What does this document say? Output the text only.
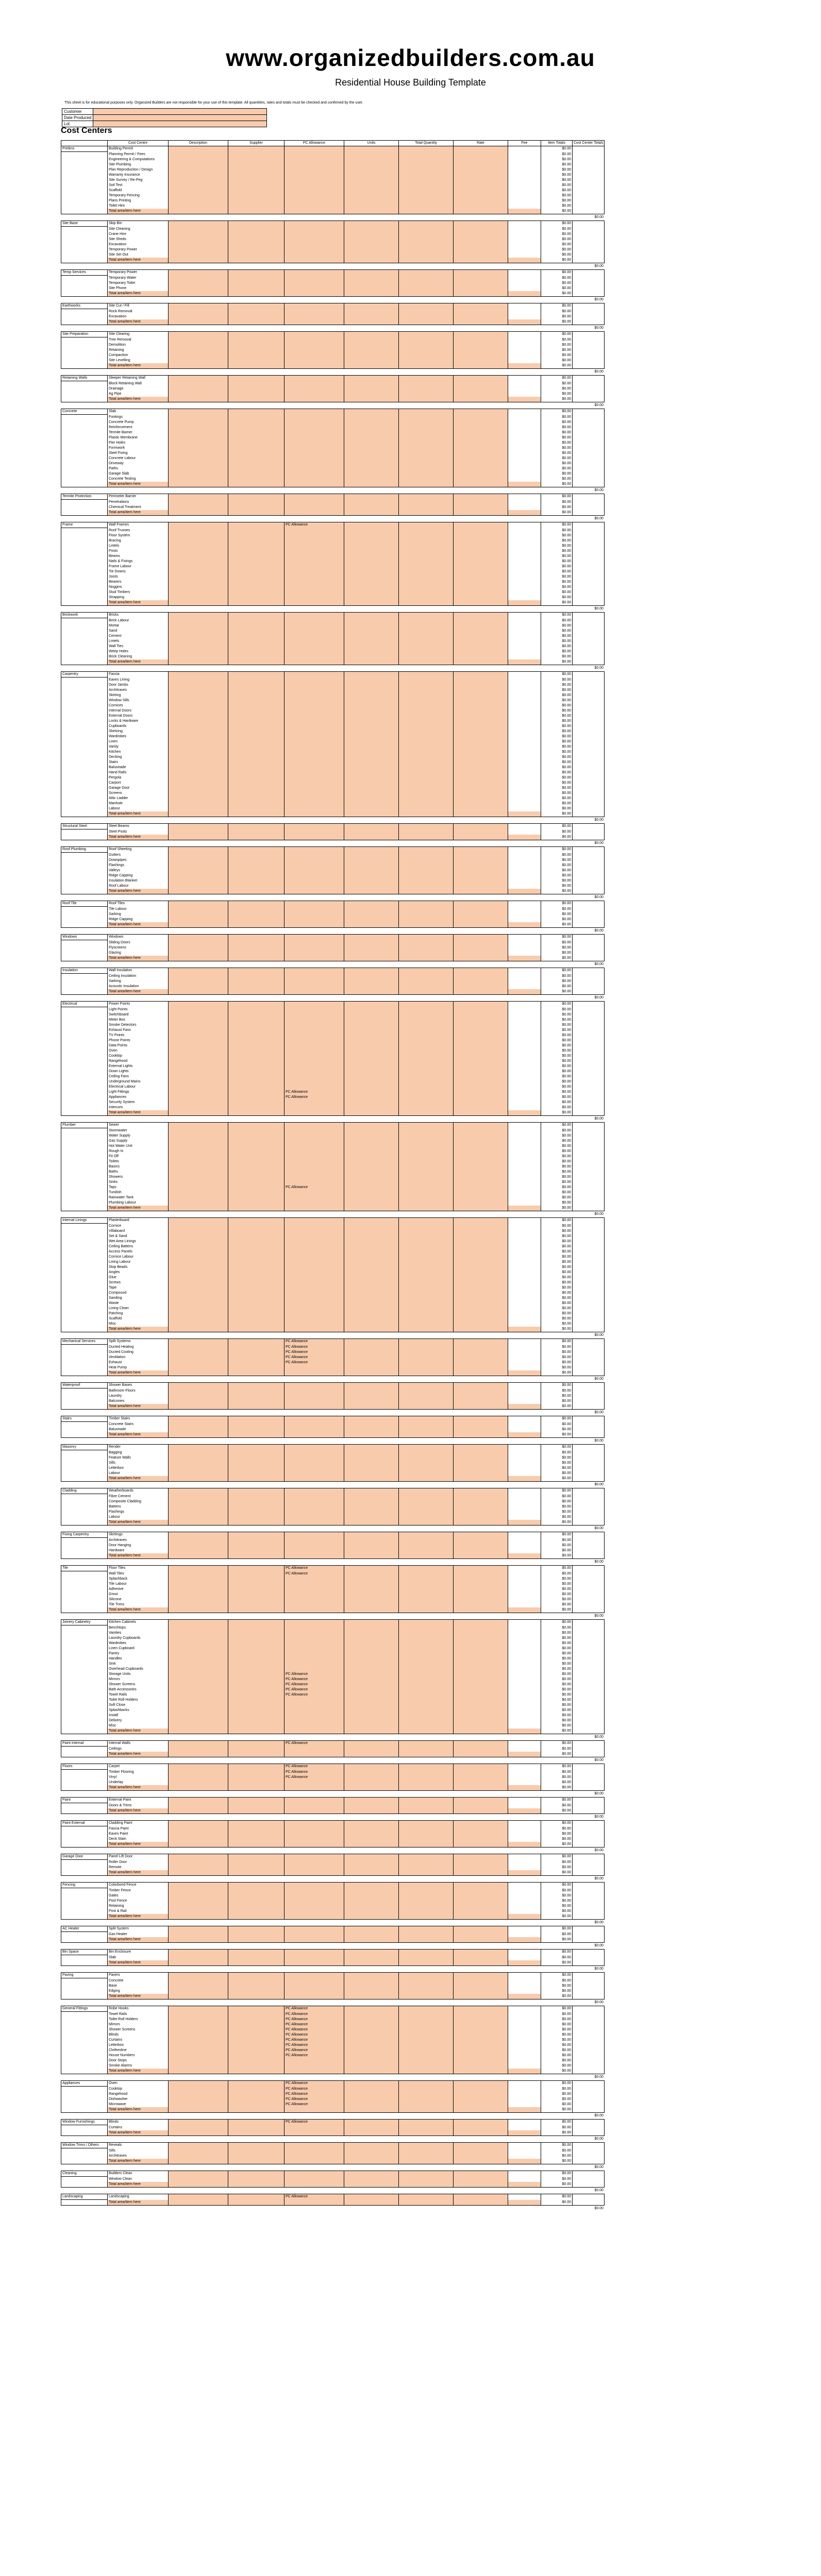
www.organizedbuilders.com.au
Residential House Building Template
This sheet is for educational purposes only. Organized Builders are not responsible for your use of this template. All quantities, rates and totals must be checked and confirmed by the user.
Customer	
Date Produced	
Lot	
Cost Centers
	Cost Centre	Description	Supplier	PC Allowance	Units	Total Quantity	Rate	Fee	Item Totals	Cost Center Totals
Prelims	Building Permit								$0.00	
	Planning Permit / Fees								$0.00	
	Engineering & Computations								$0.00	
	Site Plumbing								$0.00	
	Plan Reproduction / Design								$0.00	
	Warranty Insurance								$0.00	
	Site Survey / Re-Peg								$0.00	
	Soil Test								$0.00	
	Scaffold								$0.00	
	Temporary Fencing								$0.00	
	Plans Printing								$0.00	
	Toilet Hire								$0.00	
	Total area/item here								$0.00	
										$0.00
Site Base	Skip Bin								$0.00	
	Site Cleaning								$0.00	
	Crane Hire								$0.00	
	Site Sheds								$0.00	
	Excavation								$0.00	
	Temporary Power								$0.00	
	Site Set Out								$0.00	
	Total area/item here								$0.00	
										$0.00
Temp Services	Temporary Power								$0.00	
	Temporary Water								$0.00	
	Temporary Toilet								$0.00	
	Site Phone								$0.00	
	Total area/item here								$0.00	
										$0.00
Earthworks	Site Cut / Fill								$0.00	
	Rock Removal								$0.00	
	Excavation								$0.00	
	Total area/item here								$0.00	
										$0.00
Site Preparation	Site Clearing								$0.00	
	Tree Removal								$0.00	
	Demolition								$0.00	
	Retaining								$0.00	
	Compaction								$0.00	
	Site Levelling								$0.00	
	Total area/item here								$0.00	
										$0.00
Retaining Walls	Sleeper Retaining Wall								$0.00	
	Block Retaining Wall								$0.00	
	Drainage								$0.00	
	Ag Pipe								$0.00	
	Total area/item here								$0.00	
										$0.00
Concrete	Slab								$0.00	
	Footings								$0.00	
	Concrete Pump								$0.00	
	Reinforcement								$0.00	
	Termite Barrier								$0.00	
	Plastic Membrane								$0.00	
	Pier Holes								$0.00	
	Formwork								$0.00	
	Steel Fixing								$0.00	
	Concrete Labour								$0.00	
	Driveway								$0.00	
	Paths								$0.00	
	Garage Slab								$0.00	
	Concrete Testing								$0.00	
	Total area/item here								$0.00	
										$0.00
Termite Protection	Perimeter Barrier								$0.00	
	Penetrations								$0.00	
	Chemical Treatment								$0.00	
	Total area/item here								$0.00	
										$0.00
Frame	Wall Frames			PC Allowance					$0.00	
	Roof Trusses								$0.00	
	Floor System								$0.00	
	Bracing								$0.00	
	Lintels								$0.00	
	Posts								$0.00	
	Beams								$0.00	
	Nails & Fixings								$0.00	
	Frame Labour								$0.00	
	Tie Downs								$0.00	
	Joists								$0.00	
	Bearers								$0.00	
	Noggins								$0.00	
	Stud Timbers								$0.00	
	Strapping								$0.00	
	Total area/item here								$0.00	
										$0.00
Brickwork	Bricks								$0.00	
	Brick Labour								$0.00	
	Mortar								$0.00	
	Sand								$0.00	
	Cement								$0.00	
	Lintels								$0.00	
	Wall Ties								$0.00	
	Weep Holes								$0.00	
	Brick Cleaning								$0.00	
	Total area/item here								$0.00	
										$0.00
Carpentry	Fascia								$0.00	
	Eaves Lining								$0.00	
	Door Jambs								$0.00	
	Architraves								$0.00	
	Skirting								$0.00	
	Window Sills								$0.00	
	Cornices								$0.00	
	Internal Doors								$0.00	
	External Doors								$0.00	
	Locks & Hardware								$0.00	
	Cupboards								$0.00	
	Shelving								$0.00	
	Wardrobes								$0.00	
	Linen								$0.00	
	Vanity								$0.00	
	Kitchen								$0.00	
	Decking								$0.00	
	Stairs								$0.00	
	Balustrade								$0.00	
	Hand Rails								$0.00	
	Pergola								$0.00	
	Carport								$0.00	
	Garage Door								$0.00	
	Screens								$0.00	
	Attic Ladder								$0.00	
	Manhole								$0.00	
	Labour								$0.00	
	Total area/item here								$0.00	
										$0.00
Structural Steel	Steel Beams								$0.00	
	Steel Posts								$0.00	
	Total area/item here								$0.00	
										$0.00
Roof Plumbing	Roof Sheeting								$0.00	
	Gutters								$0.00	
	Downpipes								$0.00	
	Flashings								$0.00	
	Valleys								$0.00	
	Ridge Capping								$0.00	
	Insulation Blanket								$0.00	
	Roof Labour								$0.00	
	Total area/item here								$0.00	
										$0.00
Roof Tile	Roof Tiles								$0.00	
	Tile Labour								$0.00	
	Sarking								$0.00	
	Ridge Capping								$0.00	
	Total area/item here								$0.00	
										$0.00
Windows	Windows								$0.00	
	Sliding Doors								$0.00	
	Flyscreens								$0.00	
	Glazing								$0.00	
	Total area/item here								$0.00	
										$0.00
Insulation	Wall Insulation								$0.00	
	Ceiling Insulation								$0.00	
	Sarking								$0.00	
	Acoustic Insulation								$0.00	
	Total area/item here								$0.00	
										$0.00
Electrical	Power Points								$0.00	
	Light Points								$0.00	
	Switchboard								$0.00	
	Meter Box								$0.00	
	Smoke Detectors								$0.00	
	Exhaust Fans								$0.00	
	TV Points								$0.00	
	Phone Points								$0.00	
	Data Points								$0.00	
	Oven								$0.00	
	Cooktop								$0.00	
	Rangehood								$0.00	
	External Lights								$0.00	
	Down Lights								$0.00	
	Ceiling Fans								$0.00	
	Underground Mains								$0.00	
	Electrical Labour								$0.00	
	Light Fittings			PC Allowance					$0.00	
	Appliances			PC Allowance					$0.00	
	Security System								$0.00	
	Intercom								$0.00	
	Total area/item here								$0.00	
										$0.00
Plumber	Sewer								$0.00	
	Stormwater								$0.00	
	Water Supply								$0.00	
	Gas Supply								$0.00	
	Hot Water Unit								$0.00	
	Rough In								$0.00	
	Fit Off								$0.00	
	Toilets								$0.00	
	Basins								$0.00	
	Baths								$0.00	
	Showers								$0.00	
	Sinks								$0.00	
	Taps			PC Allowance					$0.00	
	Tundish								$0.00	
	Rainwater Tank								$0.00	
	Plumbing Labour								$0.00	
	Total area/item here								$0.00	
										$0.00
Internal Linings	Plasterboard								$0.00	
	Cornice								$0.00	
	Villaboard								$0.00	
	Set & Sand								$0.00	
	Wet Area Linings								$0.00	
	Ceiling Battens								$0.00	
	Access Panels								$0.00	
	Cornice Labour								$0.00	
	Lining Labour								$0.00	
	Stop Beads								$0.00	
	Angles								$0.00	
	Glue								$0.00	
	Screws								$0.00	
	Tape								$0.00	
	Compound								$0.00	
	Sanding								$0.00	
	Waste								$0.00	
	Lining Clean								$0.00	
	Patching								$0.00	
	Scaffold								$0.00	
	Misc								$0.00	
	Total area/item here								$0.00	
										$0.00
Mechanical Services	Split Systems			PC Allowance					$0.00	
	Ducted Heating			PC Allowance					$0.00	
	Ducted Cooling			PC Allowance					$0.00	
	Ventilation			PC Allowance					$0.00	
	Exhaust			PC Allowance					$0.00	
	Heat Pump								$0.00	
	Total area/item here								$0.00	
										$0.00
Waterproof	Shower Bases								$0.00	
	Bathroom Floors								$0.00	
	Laundry								$0.00	
	Balconies								$0.00	
	Total area/item here								$0.00	
										$0.00
Stairs	Timber Stairs								$0.00	
	Concrete Stairs								$0.00	
	Balustrade								$0.00	
	Total area/item here								$0.00	
										$0.00
Masonry	Render								$0.00	
	Bagging								$0.00	
	Feature Walls								$0.00	
	Sills								$0.00	
	Letterbox								$0.00	
	Labour								$0.00	
	Total area/item here								$0.00	
										$0.00
Cladding	Weatherboards								$0.00	
	Fibre Cement								$0.00	
	Composite Cladding								$0.00	
	Battens								$0.00	
	Flashings								$0.00	
	Labour								$0.00	
	Total area/item here								$0.00	
										$0.00
Fixing Carpentry	Skirtings								$0.00	
	Architraves								$0.00	
	Door Hanging								$0.00	
	Hardware								$0.00	
	Total area/item here								$0.00	
										$0.00
Tile	Floor Tiles			PC Allowance					$0.00	
	Wall Tiles			PC Allowance					$0.00	
	Splashback								$0.00	
	Tile Labour								$0.00	
	Adhesive								$0.00	
	Grout								$0.00	
	Silicone								$0.00	
	Tile Trims								$0.00	
	Total area/item here								$0.00	
										$0.00
Joinery Cabinetry	Kitchen Cabinets								$0.00	
	Benchtops								$0.00	
	Vanities								$0.00	
	Laundry Cupboards								$0.00	
	Wardrobes								$0.00	
	Linen Cupboard								$0.00	
	Pantry								$0.00	
	Handles								$0.00	
	Sink								$0.00	
	Overhead Cupboards								$0.00	
	Storage Units			PC Allowance					$0.00	
	Mirrors			PC Allowance					$0.00	
	Shower Screens			PC Allowance					$0.00	
	Bath Accessories			PC Allowance					$0.00	
	Towel Rails			PC Allowance					$0.00	
	Toilet Roll Holders								$0.00	
	Soft Close								$0.00	
	Splashbacks								$0.00	
	Install								$0.00	
	Delivery								$0.00	
	Misc								$0.00	
	Total area/item here								$0.00	
										$0.00
Paint Internal	Internal Walls			PC Allowance					$0.00	
	Ceilings								$0.00	
	Total area/item here								$0.00	
										$0.00
Floors	Carpet			PC Allowance					$0.00	
	Timber Flooring			PC Allowance					$0.00	
	Vinyl			PC Allowance					$0.00	
	Underlay								$0.00	
	Total area/item here								$0.00	
										$0.00
Paint	External Paint								$0.00	
	Doors & Trims								$0.00	
	Total area/item here								$0.00	
										$0.00
Paint External	Cladding Paint								$0.00	
	Fascia Paint								$0.00	
	Eaves Paint								$0.00	
	Deck Stain								$0.00	
	Total area/item here								$0.00	
										$0.00
Garage Door	Panel Lift Door								$0.00	
	Roller Door								$0.00	
	Remote								$0.00	
	Total area/item here								$0.00	
										$0.00
Fencing	Colorbond Fence								$0.00	
	Timber Fence								$0.00	
	Gates								$0.00	
	Pool Fence								$0.00	
	Retaining								$0.00	
	Post & Rail								$0.00	
	Total area/item here								$0.00	
										$0.00
AC Heater	Split System								$0.00	
	Gas Heater								$0.00	
	Total area/item here								$0.00	
										$0.00
Bin Space	Bin Enclosure								$0.00	
	Slab								$0.00	
	Total area/item here								$0.00	
										$0.00
Paving	Pavers								$0.00	
	Concrete								$0.00	
	Base								$0.00	
	Edging								$0.00	
	Total area/item here								$0.00	
										$0.00
General Fittings	Robe Hooks			PC Allowance					$0.00	
	Towel Rails			PC Allowance					$0.00	
	Toilet Roll Holders			PC Allowance					$0.00	
	Mirrors			PC Allowance					$0.00	
	Shower Screens			PC Allowance					$0.00	
	Blinds			PC Allowance					$0.00	
	Curtains			PC Allowance					$0.00	
	Letterbox			PC Allowance					$0.00	
	Clothesline			PC Allowance					$0.00	
	House Numbers			PC Allowance					$0.00	
	Door Stops								$0.00	
	Smoke Alarms								$0.00	
	Total area/item here								$0.00	
										$0.00
Appliances	Oven			PC Allowance					$0.00	
	Cooktop			PC Allowance					$0.00	
	Rangehood			PC Allowance					$0.00	
	Dishwasher			PC Allowance					$0.00	
	Microwave			PC Allowance					$0.00	
	Total area/item here								$0.00	
										$0.00
Window Furnishings	Blinds			PC Allowance					$0.00	
	Curtains								$0.00	
	Total area/item here								$0.00	
										$0.00
Window Trims / Others	Reveals								$0.00	
	Sills								$0.00	
	Architraves								$0.00	
	Total area/item here								$0.00	
										$0.00
Cleaning	Builders Clean								$0.00	
	Window Clean								$0.00	
	Total area/item here								$0.00	
										$0.00
Landscaping	Landscaping			PC Allowance					$0.00	
	Total area/item here								$0.00	
										$0.00
